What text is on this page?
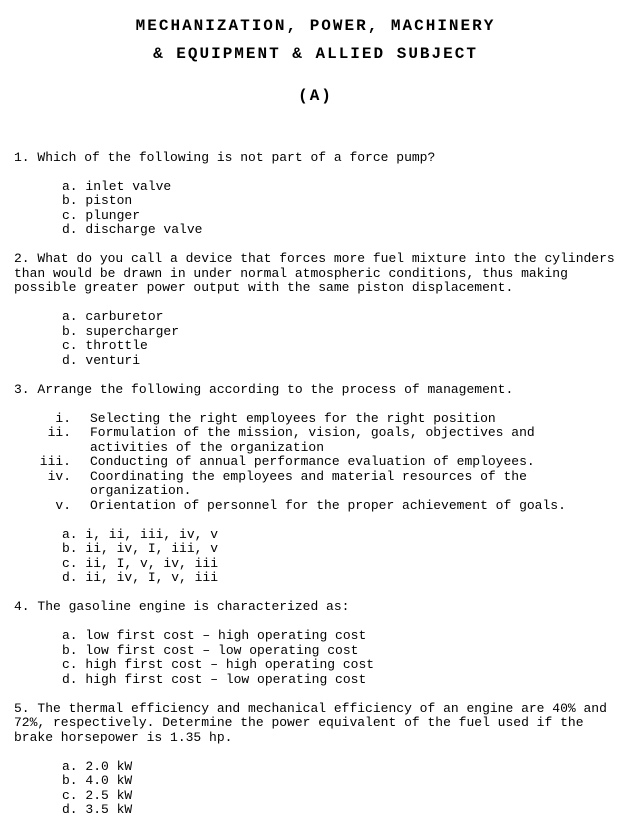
MECHANIZATION, POWER, MACHINERY
& EQUIPMENT & ALLIED SUBJECT
(A)
1. Which of the following is not part of a force pump?
a. inlet valve
b. piston
c. plunger
d. discharge valve
2. What do you call a device that forces more fuel mixture into the cylinders than would be drawn in under normal atmospheric conditions, thus making possible greater power output with the same piston displacement.
a. carburetor
b. supercharger
c. throttle
d. venturi
3. Arrange the following according to the process of management.
i. Selecting the right employees for the right position
ii. Formulation of the mission, vision, goals, objectives and activities of the organization
iii. Conducting of annual performance evaluation of employees.
iv. Coordinating the employees and material resources of the organization.
v. Orientation of personnel for the proper achievement of goals.
a. i, ii, iii, iv, v
b. ii, iv, I, iii, v
c. ii, I, v, iv, iii
d. ii, iv, I, v, iii
4. The gasoline engine is characterized as:
a. low first cost – high operating cost
b. low first cost – low operating cost
c. high first cost – high operating cost
d. high first cost – low operating cost
5. The thermal efficiency and mechanical efficiency of an engine are 40% and 72%, respectively. Determine the power equivalent of the fuel used if the brake horsepower is 1.35 hp.
a. 2.0 kW
b. 4.0 kW
c. 2.5 kW
d. 3.5 kW
